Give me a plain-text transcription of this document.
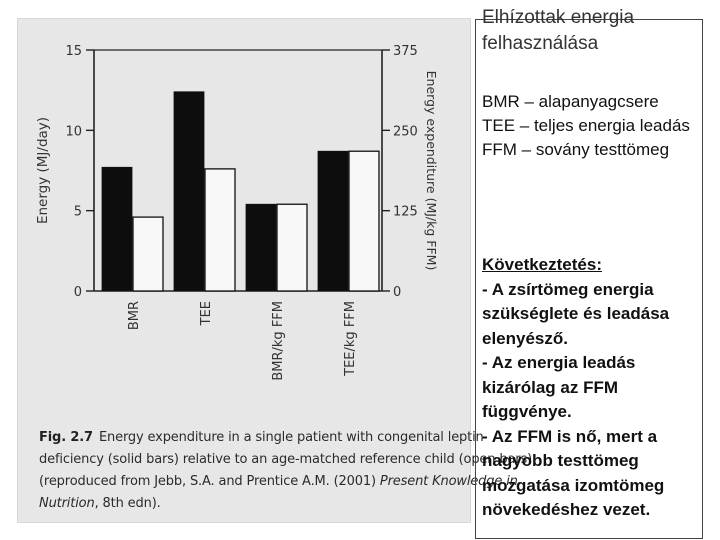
0
5
10
15
0
125
250
375
BMR	TEE	BMR/kg FFM	TEE/kg FFM
Energy (MJ/day)	Energy expenditure (MJ/kg FFM)
Fig. 2.7 Energy expenditure in a single patient with congenital leptin
deficiency (solid bars) relative to an age-matched reference child (open bars)
(reproduced from Jebb, S.A. and Prentice A.M. (2001) Present Knowledge in
Nutrition, 8th edn).
Elhízottak energia felhasználása
BMR – alapanyagcsere
TEE – teljes energia leadás
FFM – sovány testtömeg
Következtetés:
- A zsírtömeg energia szükséglete és leadása elenyésző.
- Az energia leadás kizárólag az FFM függvénye.
- Az FFM is nő, mert a nagyobb testtömeg mozgatása izomtömeg növekedéshez vezet.
